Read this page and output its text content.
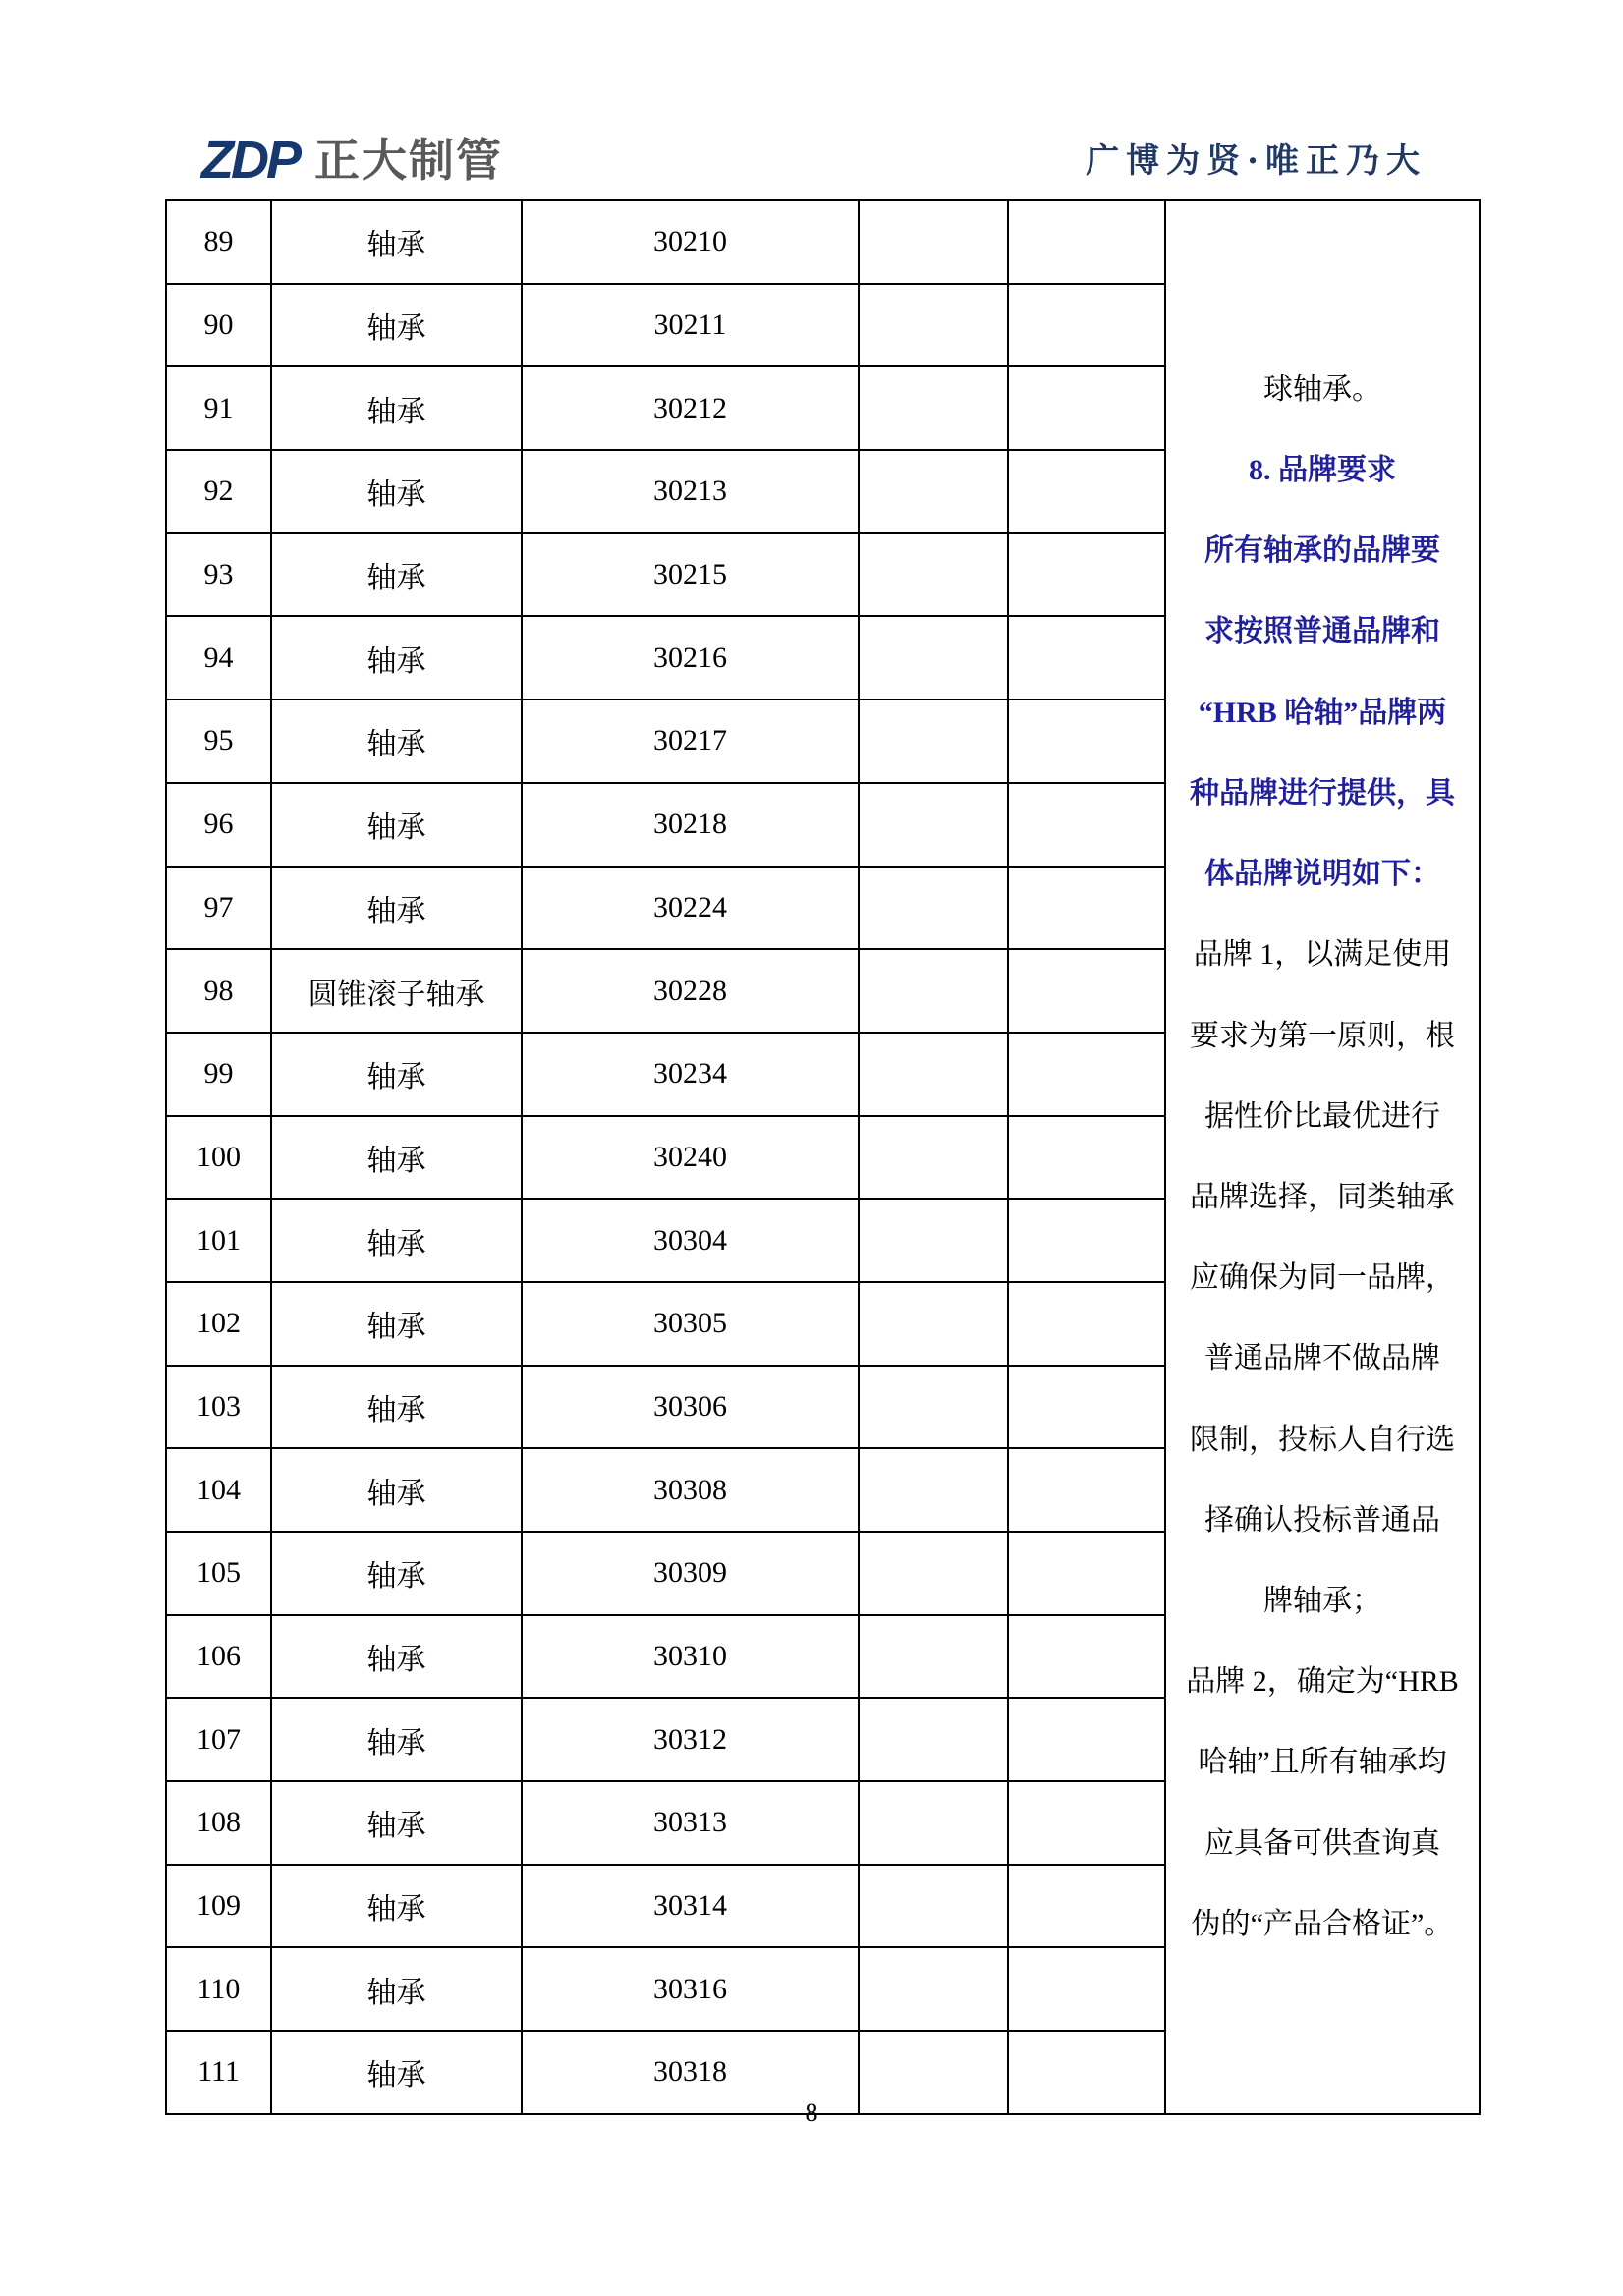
ZDP 正大制管	广博为贤·唯正乃大
89	轴承	30210			
球轴承。
8. 品牌要求
所有轴承的品牌要
求按照普通品牌和
“HRB 哈轴”品牌两
种品牌进行提供，具
体品牌说明如下：
品牌 1，以满足使用
要求为第一原则，根
据性价比最优进行
品牌选择，同类轴承
应确保为同一品牌，
普通品牌不做品牌
限制，投标人自行选
择确认投标普通品
牌轴承；
品牌 2，确定为“HRB
哈轴”且所有轴承均
应具备可供查询真
伪的“产品合格证”。

90	轴承	30211			
91	轴承	30212			
92	轴承	30213			
93	轴承	30215			
94	轴承	30216			
95	轴承	30217			
96	轴承	30218			
97	轴承	30224			
98	圆锥滚子轴承	30228			
99	轴承	30234			
100	轴承	30240			
101	轴承	30304			
102	轴承	30305			
103	轴承	30306			
104	轴承	30308			
105	轴承	30309			
106	轴承	30310			
107	轴承	30312			
108	轴承	30313			
109	轴承	30314			
110	轴承	30316			
111	轴承	30318			
8
